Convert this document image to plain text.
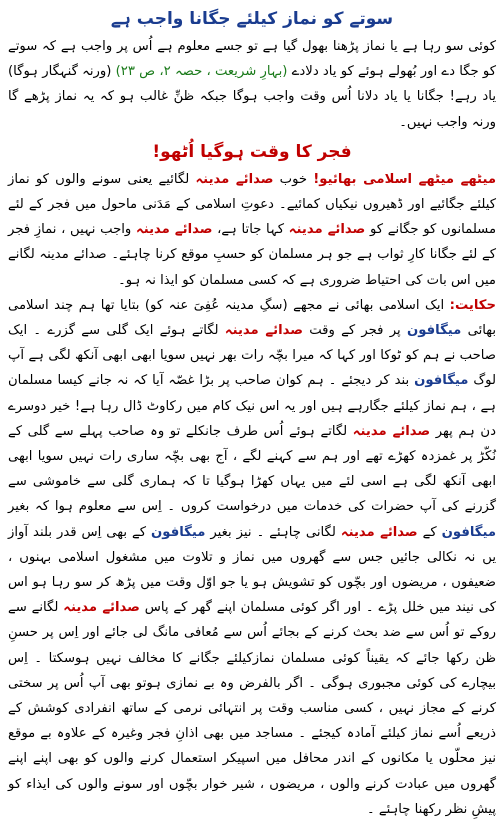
سوتے کو نماز کیلئے جگانا واجب ہے

کوئی سو رہا ہے یا نماز پڑھنا بھول گیا ہے تو جسے معلوم ہے اُس پر واجب ہے کہ سوتے کو جگا دے اور بُھولے ہوئے کو یاد دلادے (بہارِ شریعت ، حصہ ۲، ص ۲۳) (ورنہ گنہگار ہوگا) یاد رہے! جگانا یا یاد دلانا اُس وقت واجب ہوگا جبکہ ظنِّ غالب ہو کہ یہ نماز پڑھے گا ورنہ واجب نہیں۔

فجر کا وقت ہوگیا اُٹھو!

میٹھے میٹھے اسلامی بھائیو! خوب صدائے مدینہ لگائیے یعنی سونے والوں کو نماز کیلئے جگائیے اور ڈھیروں نیکیاں کمائیے۔ دعوتِ اسلامی کے مَدَنی ماحول میں فجر کے لئے مسلمانوں کو جگانے کو صدائے مدینہ کہا جاتا ہے، صدائے مدینہ واجب نہیں ، نمازِ فجر کے لئے جگانا کارِ ثواب ہے جو ہر مسلمان کو حسبِ موقع کرنا چاہئے۔ صدائے مدینہ لگانے میں اس بات کی احتیاط ضروری ہے کہ کسی مسلمان کو ایذا نہ ہو۔

حکایت: ایک اسلامی بھائی نے مجھے (سگِ مدینہ عُفِیَ عنہ کو) بتایا تھا ہم چند اسلامی بھائی میگافون پر فجر کے وقت صدائے مدینہ لگاتے ہوئے ایک گلی سے گزرے ۔ ایک صاحب نے ہم کو ٹوکا اور کہا کہ میرا بچّہ رات بھر نہیں سویا ابھی ابھی آنکھ لگی ہے آپ لوگ میگافون بند کر دیجئے ۔ ہم کوان صاحب پر بڑا غصّہ آیا کہ نہ جانے کیسا مسلمان ہے ، ہم نماز کیلئے جگارہے ہیں اور یہ اس نیک کام میں رکاوٹ ڈال رہا ہے! خیر دوسرے دن ہم پھر صدائے مدینہ لگاتے ہوئے اُس طرف جانکلے تو وہ صاحب پہلے سے گلی کے نُکّڑ پر غمزدہ کھڑے تھے اور ہم سے کہنے لگے ، آج بھی بچّہ ساری رات نہیں سویا ابھی ابھی آنکھ لگی ہے اسی لئے میں یہاں کھڑا ہوگیا تا کہ ہماری گلی سے خاموشی سے گزرنے کی آپ حضرات کی خدمات میں درخواست کروں ۔ اِس سے معلوم ہوا کہ بغیر میگافون کے صدائے مدینہ لگانی چاہئے ۔ نیز بغیر میگافون کے بھی اِس قدر بلند آواز یں نہ نکالی جائیں جس سے گھروں میں نماز و تلاوت میں مشغول اسلامی بہنوں ، ضعیفوں ، مریضوں اور بچّوں کو تشویش ہو یا جو اوّل وقت میں پڑھ کر سو رہا ہو اس کی نیند میں خلل پڑے ۔ اور اگر کوئی مسلمان اپنے گھر کے پاس صدائے مدینہ لگانے سے روکے تو اُس سے ضد بحث کرنے کے بجائے اُس سے مُعافی مانگ لی جائے اور اِس پر حسنِ ظن رکھا جائے کہ یقیناً کوئی مسلمان نمازکیلئے جگانے کا مخالف نہیں ہوسکتا ۔ اِس بیچارے کی کوئی مجبوری ہوگی ۔ اگر بالفرض وہ بے نمازی ہوتو بھی آپ اُس پر سختی کرنے کے مجاز نہیں ، کسی مناسب وقت پر انتہائی نرمی کے ساتھ انفرادی کوشش کے ذریعے اُسے نماز کیلئے آمادہ کیجئے ۔ مساجد میں بھی اذانِ فجر وغیرہ کے علاوہ بے موقع نیز محلّوں یا مکانوں کے اندر محافل میں اسپیکر استعمال کرنے والوں کو بھی اپنے اپنے گھروں میں عبادت کرنے والوں ، مریضوں ، شیر خوار بچّوں اور سونے والوں کی ایذاء کو پیشِ نظر رکھنا چاہئے ۔
